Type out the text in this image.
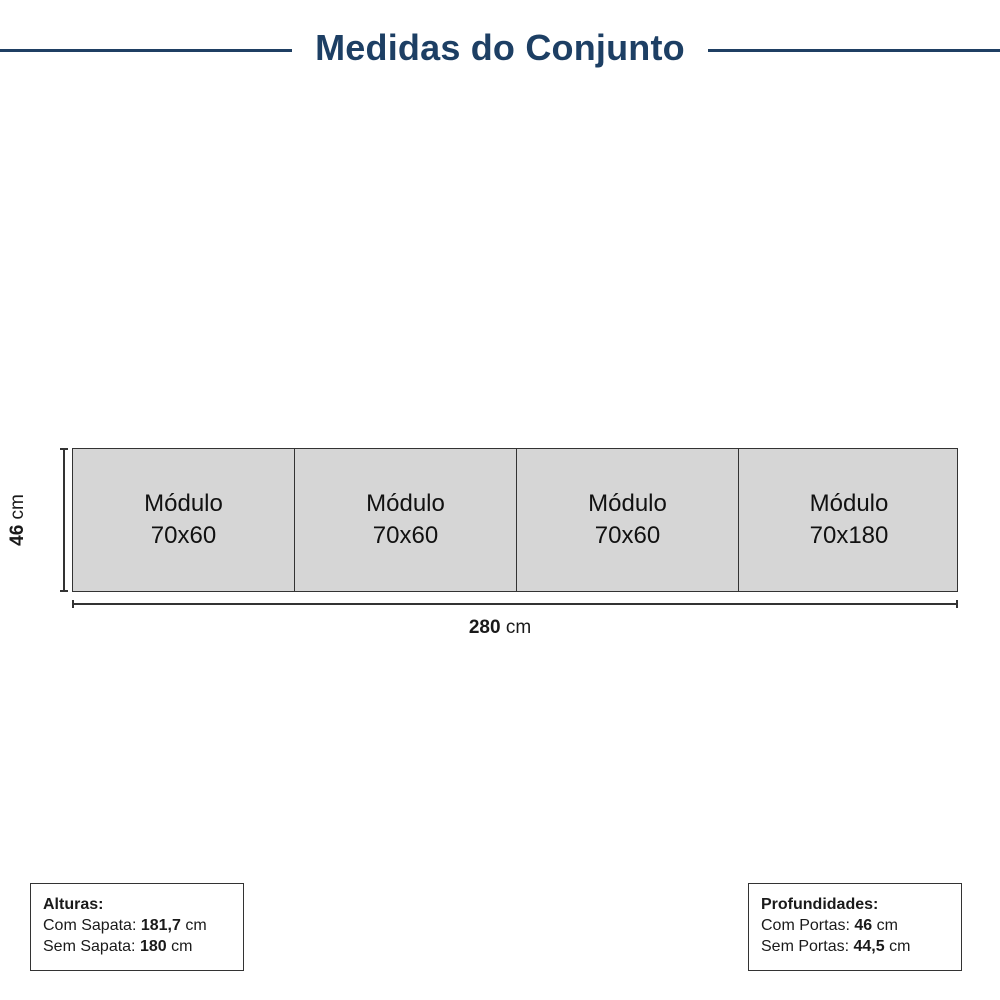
Medidas do Conjunto
46 cm	Módulo
70x60
Módulo
70x60
Módulo
70x60
Módulo
70x180
280 cm
Alturas:
Com Sapata: 181,7 cm
Sem Sapata: 180 cm
Profundidades:
Com Portas: 46 cm
Sem Portas: 44,5 cm
